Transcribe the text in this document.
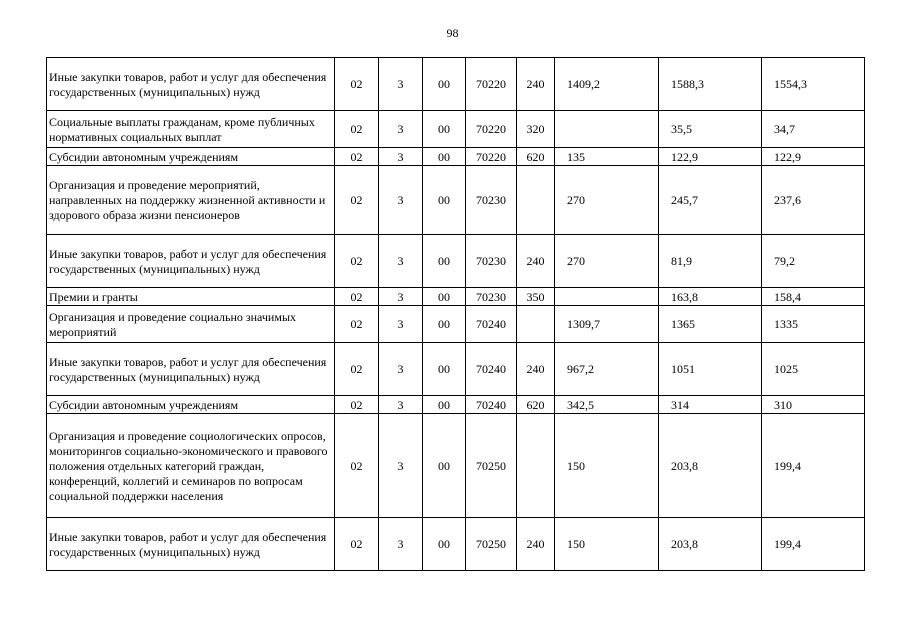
98
Иные закупки товаров, работ и услуг для обеспечения государственных (муниципальных) нужд	02	3	00	70220	240	1409,2	1588,3	1554,3
Социальные выплаты гражданам, кроме публичных нормативных социальных выплат	02	3	00	70220	320		35,5	34,7
Субсидии автономным учреждениям	02	3	00	70220	620	135	122,9	122,9
Организация и проведение мероприятий, направленных на поддержку жизненной активности и здорового образа жизни пенсионеров	02	3	00	70230		270	245,7	237,6
Иные закупки товаров, работ и услуг для обеспечения государственных (муниципальных) нужд	02	3	00	70230	240	270	81,9	79,2
Премии и гранты	02	3	00	70230	350		163,8	158,4
Организация и проведение социально значимых мероприятий	02	3	00	70240		1309,7	1365	1335
Иные закупки товаров, работ и услуг для обеспечения государственных (муниципальных) нужд	02	3	00	70240	240	967,2	1051	1025
Субсидии автономным учреждениям	02	3	00	70240	620	342,5	314	310
Организация и проведение социологических опросов, мониторингов социально-экономического и правового положения отдельных категорий граждан, конференций, коллегий и семинаров по вопросам социальной поддержки населения	02	3	00	70250		150	203,8	199,4
Иные закупки товаров, работ и услуг для обеспечения государственных (муниципальных) нужд	02	3	00	70250	240	150	203,8	199,4
